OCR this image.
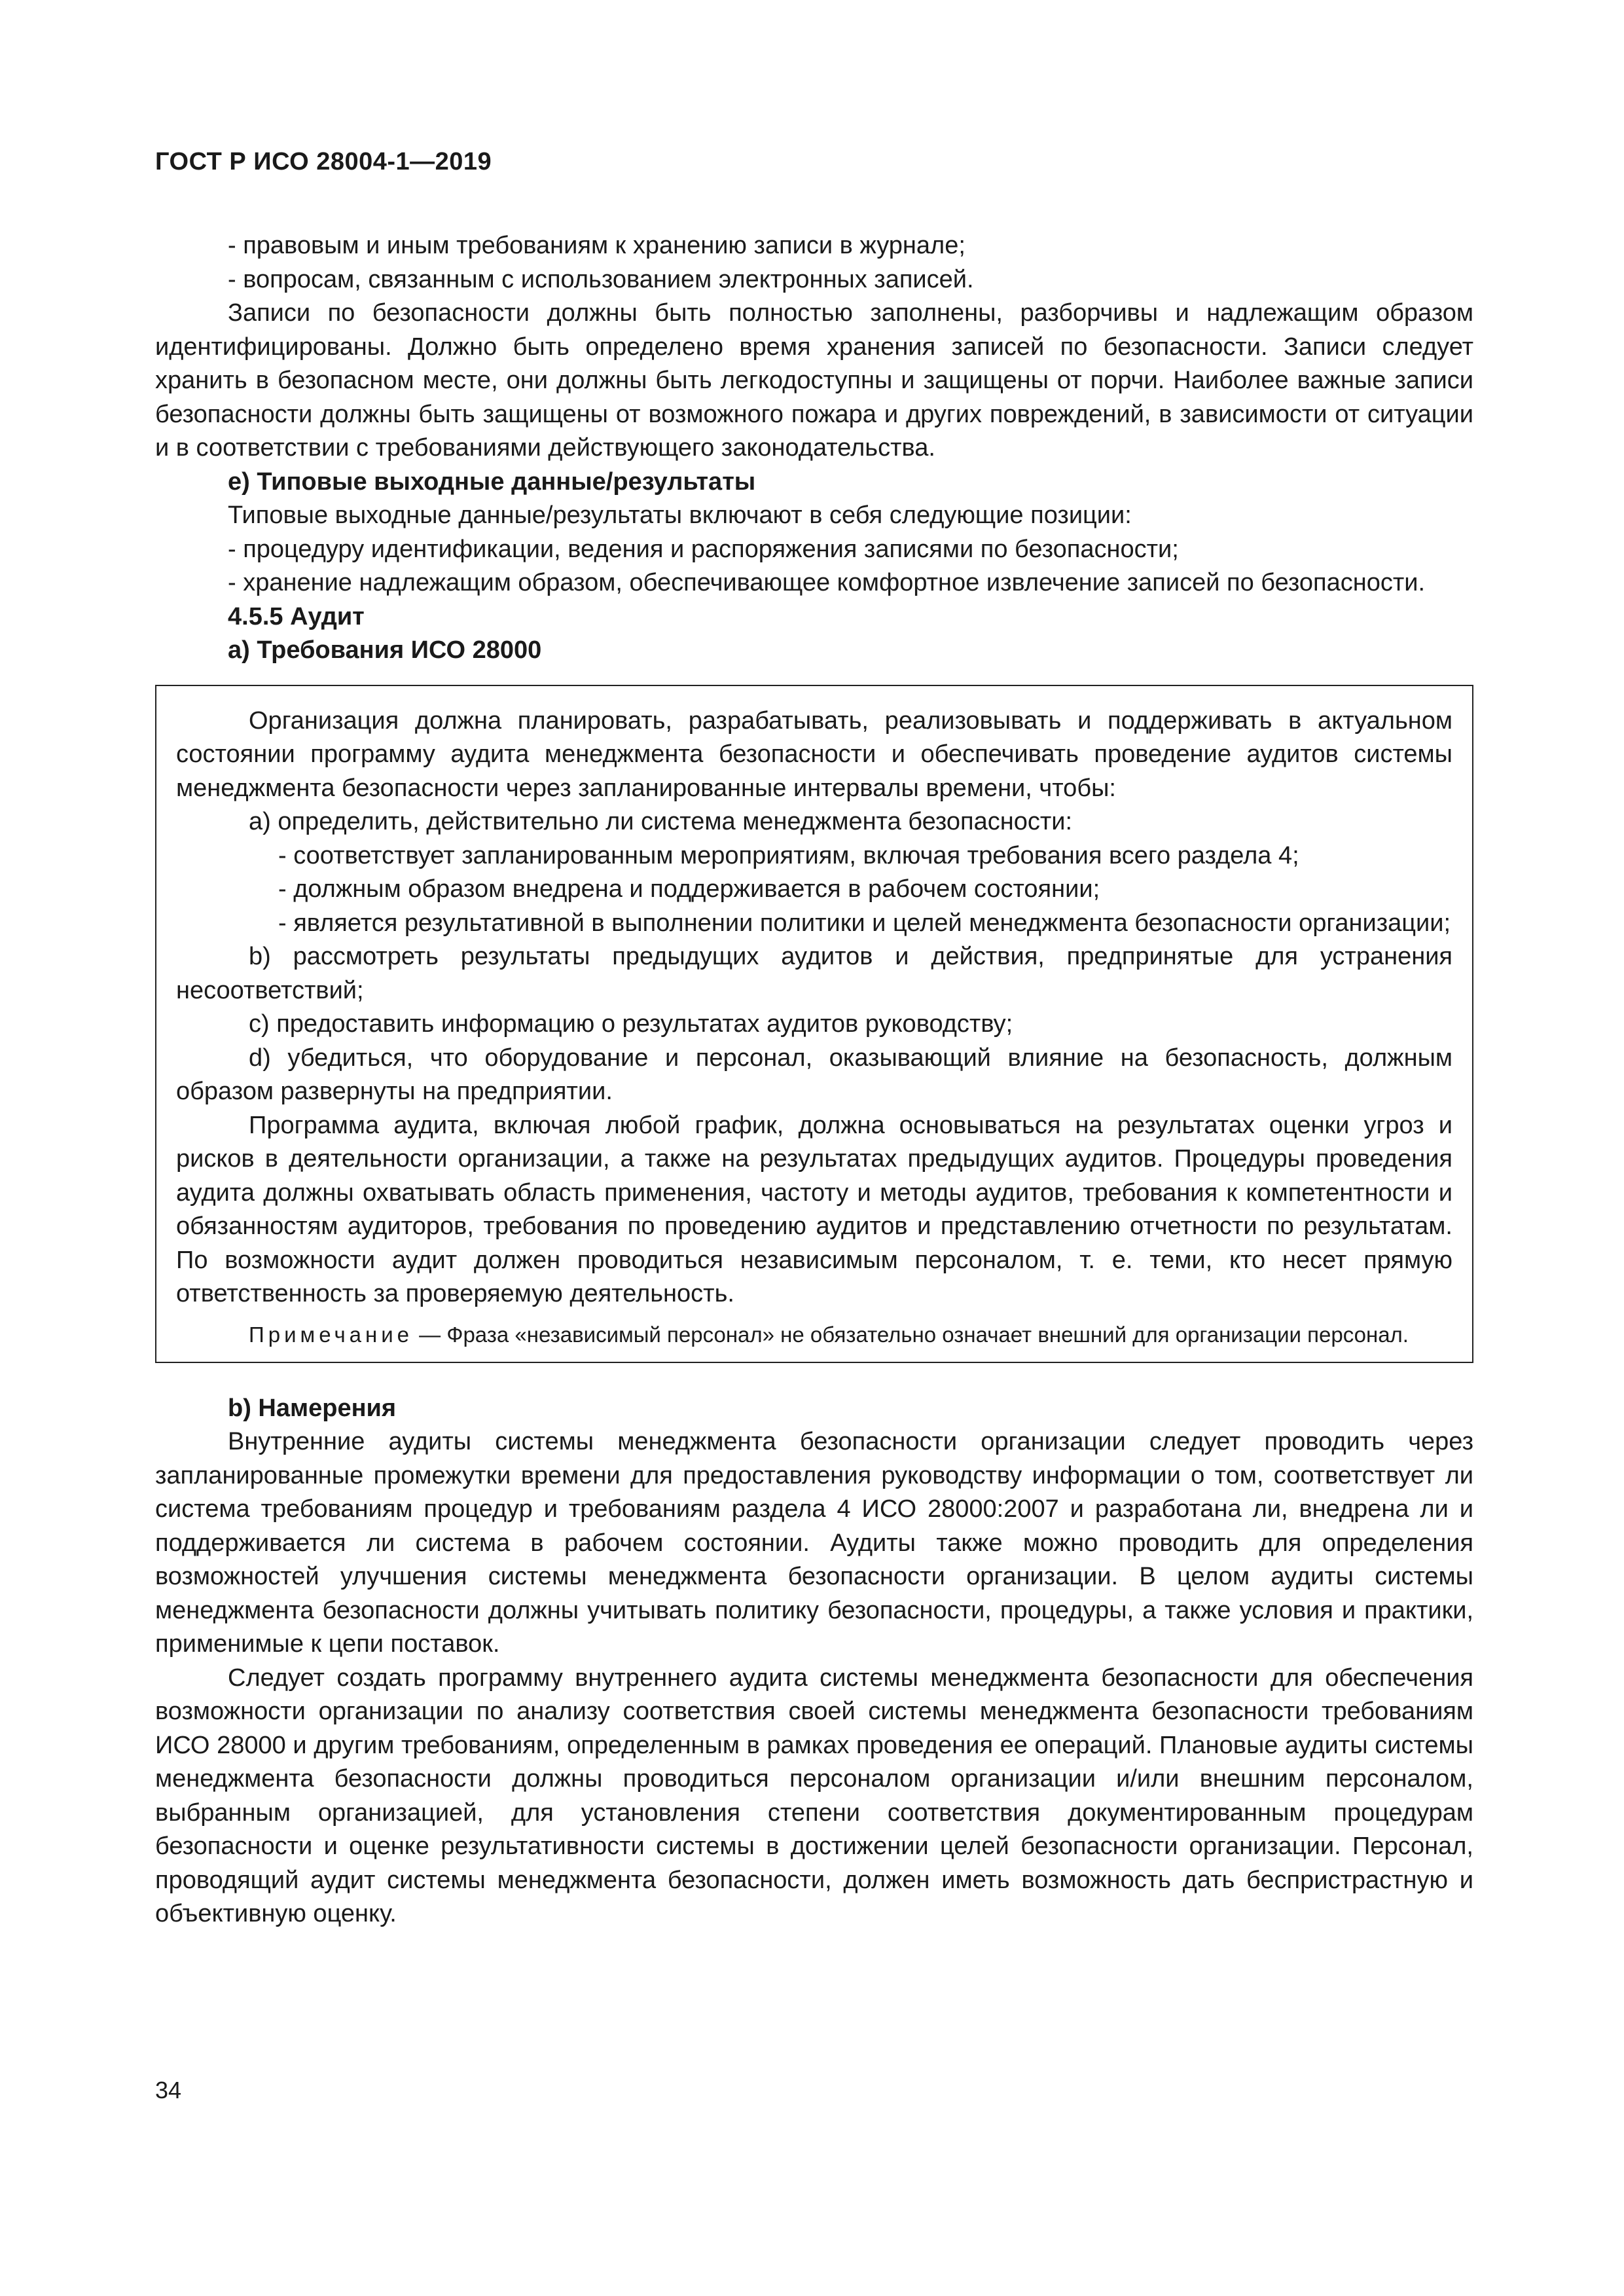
ГОСТ Р ИСО 28004-1—2019

- правовым и иным требованиям к хранению записи в журнале;

- вопросам, связанным с использованием электронных записей.

Записи по безопасности должны быть полностью заполнены, разборчивы и надлежащим образом идентифицированы. Должно быть определено время хранения записей по безопасности. Записи следует хранить в безопасном месте, они должны быть легкодоступны и защищены от порчи. Наиболее важные записи безопасности должны быть защищены от возможного пожара и других повреждений, в зависимости от ситуации и в соответствии с требованиями действующего законодательства.

е) Типовые выходные данные/результаты

Типовые выходные данные/результаты включают в себя следующие позиции:

- процедуру идентификации, ведения и распоряжения записями по безопасности;

- хранение надлежащим образом, обеспечивающее комфортное извлечение записей по безопасности.

4.5.5 Аудит

а) Требования ИСО 28000

Организация должна планировать, разрабатывать, реализовывать и поддерживать в актуальном состоянии программу аудита менеджмента безопасности и обеспечивать проведение аудитов системы менеджмента безопасности через запланированные интервалы времени, чтобы:

а) определить, действительно ли система менеджмента безопасности:

- соответствует запланированным мероприятиям, включая требования всего раздела 4;

- должным образом внедрена и поддерживается в рабочем состоянии;

- является результативной в выполнении политики и целей менеджмента безопасности организации;

b) рассмотреть результаты предыдущих аудитов и действия, предпринятые для устранения несоответствий;

с) предоставить информацию о результатах аудитов руководству;

d) убедиться, что оборудование и персонал, оказывающий влияние на безопасность, должным образом развернуты на предприятии.

Программа аудита, включая любой график, должна основываться на результатах оценки угроз и рисков в деятельности организации, а также на результатах предыдущих аудитов. Процедуры проведения аудита должны охватывать область применения, частоту и методы аудитов, требования к компетентности и обязанностям аудиторов, требования по проведению аудитов и представлению отчетности по результатам. По возможности аудит должен проводиться независимым персоналом, т. е. теми, кто несет прямую ответственность за проверяемую деятельность.

Примечание — Фраза «независимый персонал» не обязательно означает внешний для организации персонал.

b) Намерения

Внутренние аудиты системы менеджмента безопасности организации следует проводить через запланированные промежутки времени для предоставления руководству информации о том, соответствует ли система требованиям процедур и требованиям раздела 4 ИСО 28000:2007 и разработана ли, внедрена ли и поддерживается ли система в рабочем состоянии. Аудиты также можно проводить для определения возможностей улучшения системы менеджмента безопасности организации. В целом аудиты системы менеджмента безопасности должны учитывать политику безопасности, процедуры, а также условия и практики, применимые к цепи поставок.

Следует создать программу внутреннего аудита системы менеджмента безопасности для обеспечения возможности организации по анализу соответствия своей системы менеджмента безопасности требованиям ИСО 28000 и другим требованиям, определенным в рамках проведения ее операций. Плановые аудиты системы менеджмента безопасности должны проводиться персоналом организации и/или внешним персоналом, выбранным организацией, для установления степени соответствия документированным процедурам безопасности и оценке результативности системы в достижении целей безопасности организации. Персонал, проводящий аудит системы менеджмента безопасности, должен иметь возможность дать беспристрастную и объективную оценку.

34
